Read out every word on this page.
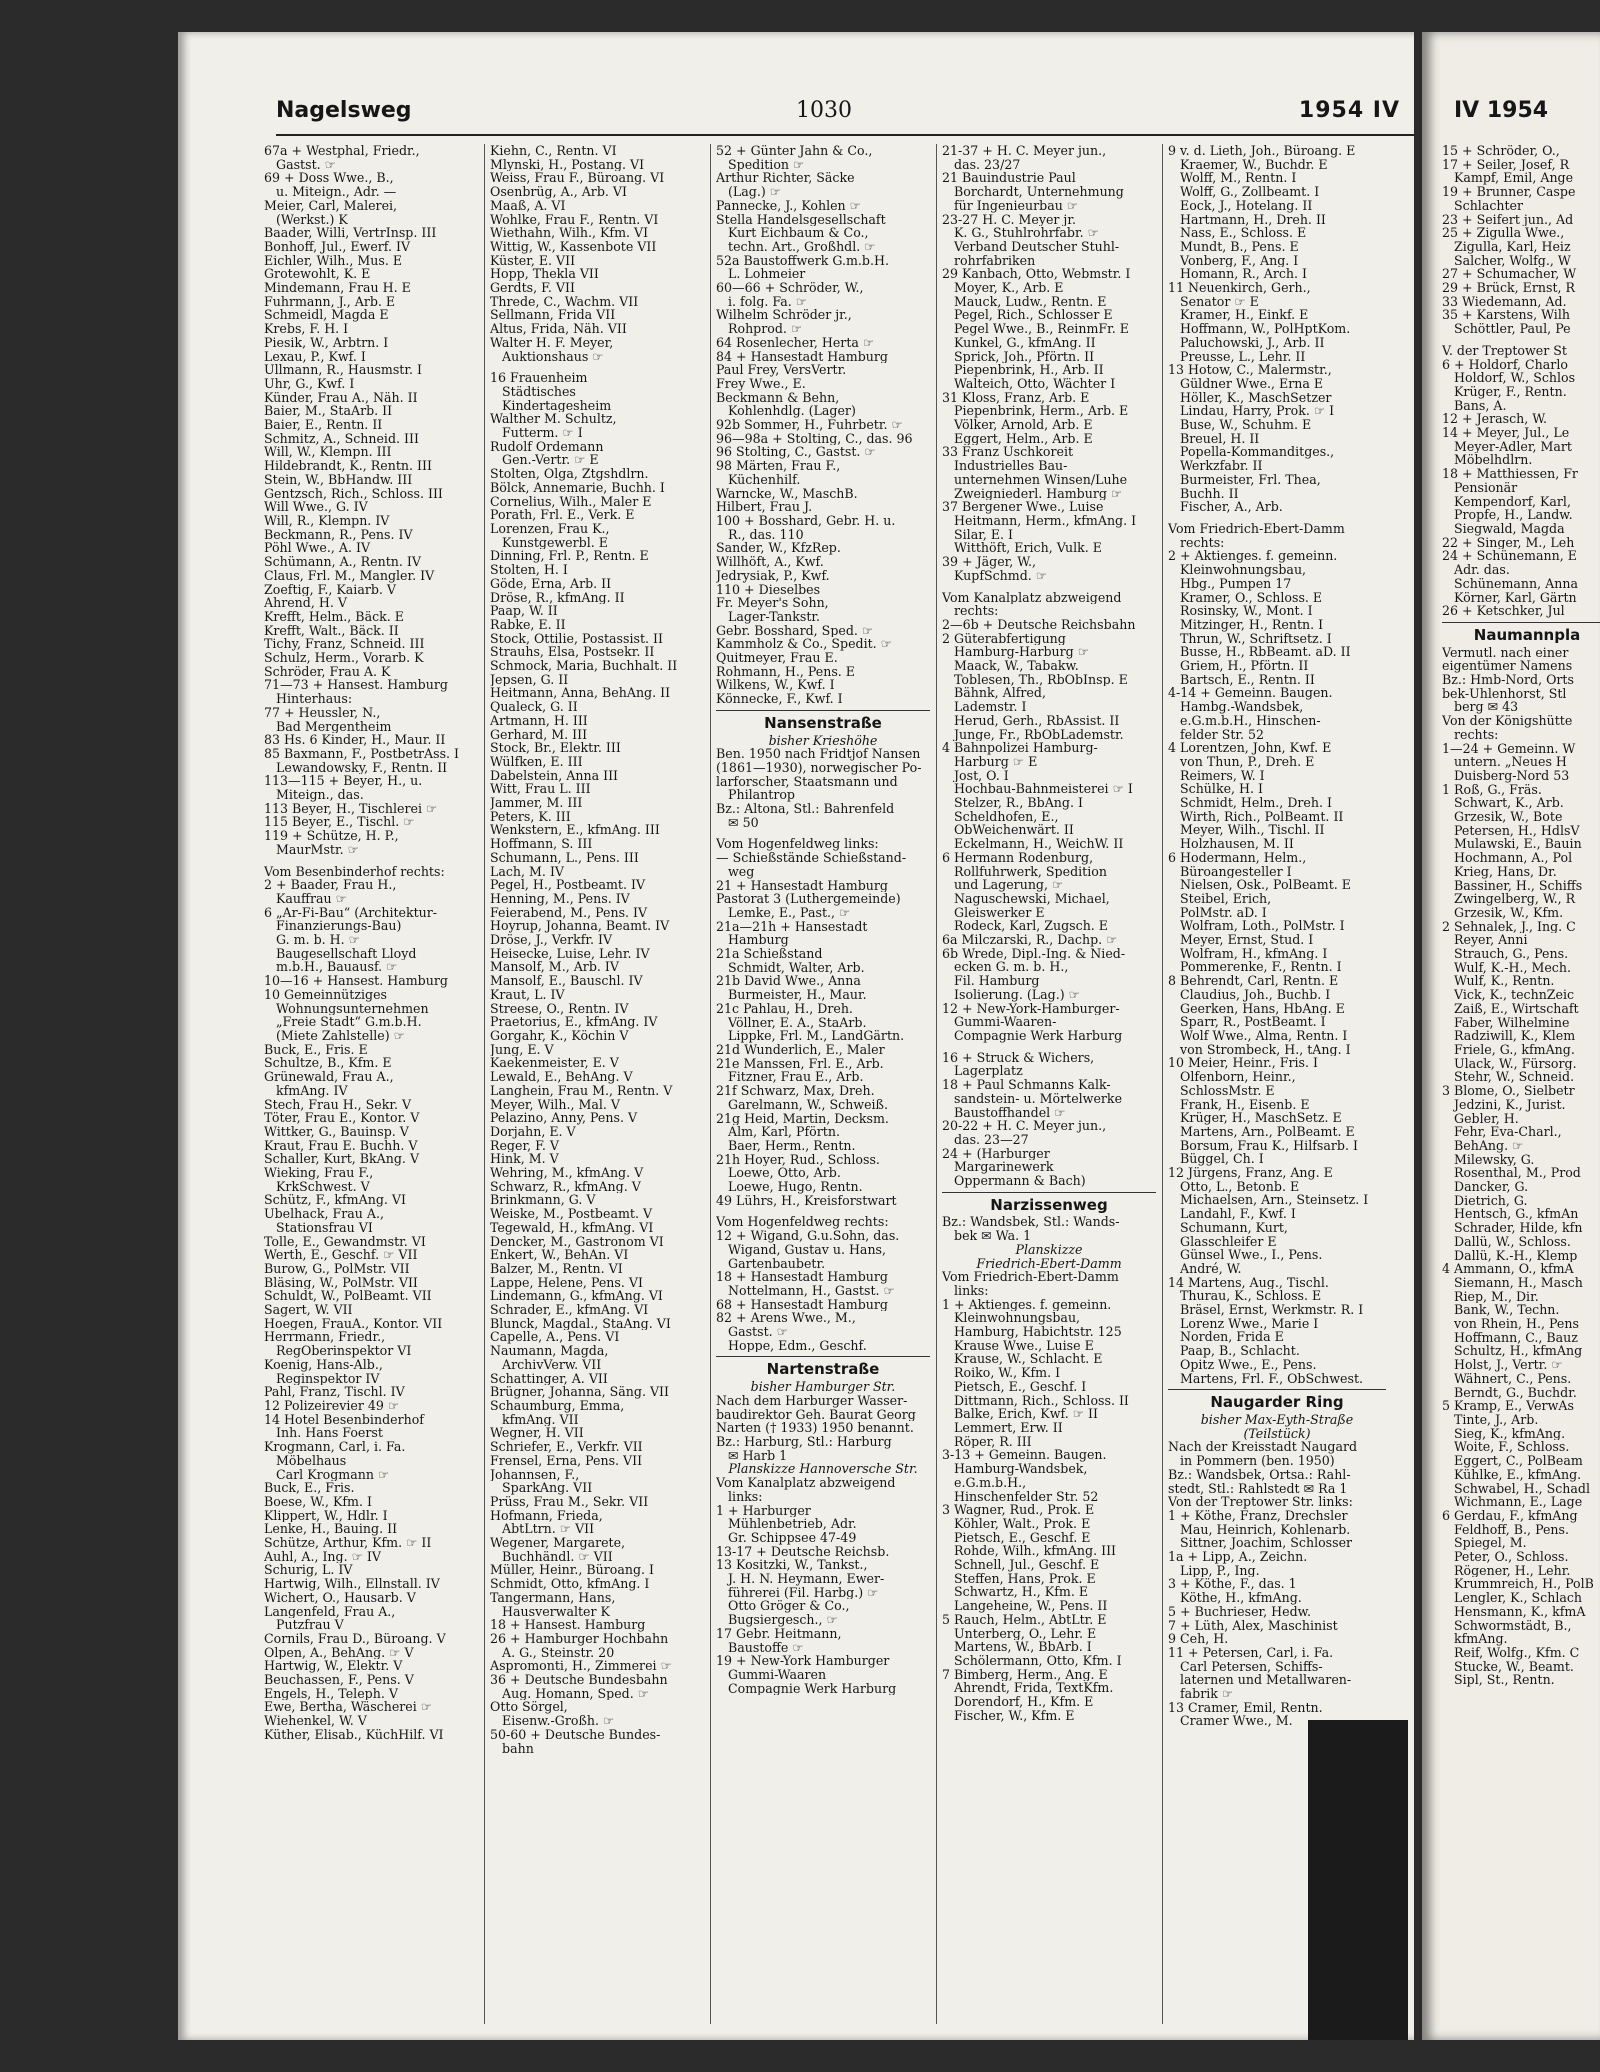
Nagelsweg	1030	1954 IV
67a + Westphal, Friedr.,
Gastst. ☞
69 + Doss Wwe., B.,
u. Miteign., Adr. —
Meier, Carl, Malerei,
(Werkst.) K
Baader, Willi, VertrInsp. III
Bonhoff, Jul., Ewerf. IV
Eichler, Wilh., Mus. E
Grotewohlt, K. E
Mindemann, Frau H. E
Fuhrmann, J., Arb. E
Schmeidl, Magda E
Krebs, F. H. I
Piesik, W., Arbtrn. I
Lexau, P., Kwf. I
Ullmann, R., Hausmstr. I
Uhr, G., Kwf. I
Künder, Frau A., Näh. II
Baier, M., StaArb. II
Baier, E., Rentn. II
Schmitz, A., Schneid. III
Will, W., Klempn. III
Hildebrandt, K., Rentn. III
Stein, W., BbHandw. III
Gentzsch, Rich., Schloss. III
Will Wwe., G. IV
Will, R., Klempn. IV
Beckmann, R., Pens. IV
Pöhl Wwe., A. IV
Schümann, A., Rentn. IV
Claus, Frl. M., Mangler. IV
Zoeftig, F., Kaiarb. V
Ahrend, H. V
Krefft, Helm., Bäck. E
Krefft, Walt., Bäck. II
Tichy, Franz, Schneid. III
Schulz, Herm., Vorarb. K
Schröder, Frau A. K
71—73 + Hansest. Hamburg
Hinterhaus:
77 + Heussler, N.,
Bad Mergentheim
83 Hs. 6 Kinder, H., Maur. II
85 Baxmann, F., PostbetrAss. I
Lewandowsky, F., Rentn. II
113—115 + Beyer, H., u.
Miteign., das.
113 Beyer, H., Tischlerei ☞
115 Beyer, E., Tischl. ☞
119 + Schütze, H. P.,
MaurMstr. ☞
Vom Besenbinderhof rechts:
2 + Baader, Frau H.,
Kauffrau ☞
6 „Ar-Fi-Bau“ (Architektur-
Finanzierungs-Bau)
G. m. b. H. ☞
Baugesellschaft Lloyd
m.b.H., Bauausf. ☞
10—16 + Hansest. Hamburg
10 Gemeinnütziges
Wohnungsunternehmen
„Freie Stadt“ G.m.b.H.
(Miete Zahlstelle) ☞
Buck, E., Fris. E
Schultze, B., Kfm. E
Grünewald, Frau A.,
kfmAng. IV
Stech, Frau H., Sekr. V
Töter, Frau E., Kontor. V
Wittker, G., Bauinsp. V
Kraut, Frau E. Buchh. V
Schaller, Kurt, BkAng. V
Wieking, Frau F.,
KrkSchwest. V
Schütz, F., kfmAng. VI
Ubelhack, Frau A.,
Stationsfrau VI
Tolle, E., Gewandmstr. VI
Werth, E., Geschf. ☞ VII
Burow, G., PolMstr. VII
Bläsing, W., PolMstr. VII
Schuldt, W., PolBeamt. VII
Sagert, W. VII
Hoegen, FrauA., Kontor. VII
Herrmann, Friedr.,
RegOberinspektor VI
Koenig, Hans-Alb.,
Reginspektor IV
Pahl, Franz, Tischl. IV
12 Polizeirevier 49 ☞
14 Hotel Besenbinderhof
Inh. Hans Foerst
Krogmann, Carl, i. Fa.
Möbelhaus
Carl Krogmann ☞
Buck, E., Fris.
Boese, W., Kfm. I
Klippert, W., Hdlr. I
Lenke, H., Bauing. II
Schütze, Arthur, Kfm. ☞ II
Auhl, A., Ing. ☞ IV
Schurig, L. IV
Hartwig, Wilh., Ellnstall. IV
Wichert, O., Hausarb. V
Langenfeld, Frau A.,
Putzfrau V
Cornils, Frau D., Büroang. V
Olpen, A., BehAng. ☞ V
Hartwig, W., Elektr. V
Beuchassen, F., Pens. V
Engels, H., Teleph. V
Ewe, Bertha, Wäscherei ☞
Wiehenkel, W. V
Küther, Elisab., KüchHilf. VI
Kiehn, C., Rentn. VI
Mlynski, H., Postang. VI
Weiss, Frau F., Büroang. VI
Osenbrüg, A., Arb. VI
Maaß, A. VI
Wohlke, Frau F., Rentn. VI
Wiethahn, Wilh., Kfm. VI
Wittig, W., Kassenbote VII
Küster, E. VII
Hopp, Thekla VII
Gerdts, F. VII
Threde, C., Wachm. VII
Sellmann, Frida VII
Altus, Frida, Näh. VII
Walter H. F. Meyer,
Auktionshaus ☞
16 Frauenheim
Städtisches
Kindertagesheim
Walther M. Schultz,
Futterm. ☞ I
Rudolf Ordemann
Gen.-Vertr. ☞ E
Stolten, Olga, Ztgshdlrn.
Bölck, Annemarie, Buchh. I
Cornelius, Wilh., Maler E
Porath, Frl. E., Verk. E
Lorenzen, Frau K.,
Kunstgewerbl. E
Dinning, Frl. P., Rentn. E
Stolten, H. I
Göde, Erna, Arb. II
Dröse, R., kfmAng. II
Paap, W. II
Rabke, E. II
Stock, Ottilie, Postassist. II
Strauhs, Elsa, Postsekr. II
Schmock, Maria, Buchhalt. II
Jepsen, G. II
Heitmann, Anna, BehAng. II
Qualeck, G. II
Artmann, H. III
Gerhard, M. III
Stock, Br., Elektr. III
Wülfken, E. III
Dabelstein, Anna III
Witt, Frau L. III
Jammer, M. III
Peters, K. III
Wenkstern, E., kfmAng. III
Hoffmann, S. III
Schumann, L., Pens. III
Lach, M. IV
Pegel, H., Postbeamt. IV
Henning, M., Pens. IV
Feierabend, M., Pens. IV
Hoyrup, Johanna, Beamt. IV
Dröse, J., Verkfr. IV
Heisecke, Luise, Lehr. IV
Mansolf, M., Arb. IV
Mansolf, E., Bauschl. IV
Kraut, L. IV
Streese, O., Rentn. IV
Praetorius, E., kfmAng. IV
Gorgahr, K., Köchin V
Jung, E. V
Kaekenmeister, E. V
Lewald, E., BehAng. V
Langhein, Frau M., Rentn. V
Meyer, Wilh., Mal. V
Pelazino, Anny, Pens. V
Dorjahn, E. V
Reger, F. V
Hink, M. V
Wehring, M., kfmAng. V
Schwarz, R., kfmAng. V
Brinkmann, G. V
Weiske, M., Postbeamt. V
Tegewald, H., kfmAng. VI
Dencker, M., Gastronom VI
Enkert, W., BehAn. VI
Balzer, M., Rentn. VI
Lappe, Helene, Pens. VI
Lindemann, G., kfmAng. VI
Schrader, E., kfmAng. VI
Blunck, Magdal., StaAng. VI
Capelle, A., Pens. VI
Naumann, Magda,
ArchivVerw. VII
Schattinger, A. VII
Brügner, Johanna, Säng. VII
Schaumburg, Emma,
kfmAng. VII
Wegner, H. VII
Schriefer, E., Verkfr. VII
Frensel, Erna, Pens. VII
Johannsen, F.,
SparkAng. VII
Prüss, Frau M., Sekr. VII
Hofmann, Frieda,
AbtLtrn. ☞ VII
Wegener, Margarete,
Buchhändl. ☞ VII
Müller, Heinr., Büroang. I
Schmidt, Otto, kfmAng. I
Tangermann, Hans,
Hausverwalter K
18 + Hansest. Hamburg
26 + Hamburger Hochbahn
A. G., Steinstr. 20
Aspromonti, H., Zimmerei ☞
36 + Deutsche Bundesbahn
Aug. Homann, Sped. ☞
Otto Sörgel,
Eisenw.-Großh. ☞
50-60 + Deutsche Bundes-
bahn
52 + Günter Jahn & Co.,
Spedition ☞
Arthur Richter, Säcke
(Lag.) ☞
Pannecke, J., Kohlen ☞
Stella Handelsgesellschaft
Kurt Eichbaum & Co.,
techn. Art., Großhdl. ☞
52a Baustoffwerk G.m.b.H.
L. Lohmeier
60—66 + Schröder, W.,
i. folg. Fa. ☞
Wilhelm Schröder jr.,
Rohprod. ☞
64 Rosenlecher, Herta ☞
84 + Hansestadt Hamburg
Paul Frey, VersVertr.
Frey Wwe., E.
Beckmann & Behn,
Kohlenhdlg. (Lager)
92b Sommer, H., Fuhrbetr. ☞
96—98a + Stolting, C., das. 96
96 Stolting, C., Gastst. ☞
98 Märten, Frau F.,
Küchenhilf.
Warncke, W., MaschB.
Hilbert, Frau J.
100 + Bosshard, Gebr. H. u.
R., das. 110
Sander, W., KfzRep.
Willhöft, A., Kwf.
Jedrysiak, P., Kwf.
110 + Dieselbes
Fr. Meyer's Sohn,
Lager-Tankstr.
Gebr. Bosshard, Sped. ☞
Kammholz & Co., Spedit. ☞
Quitmeyer, Frau E.
Rohmann, H., Pens. E
Wilkens, W., Kwf. I
Könnecke, F., Kwf. I
Nansenstraße
bisher Krieshöhe
Ben. 1950 nach Fridtjof Nansen
(1861—1930), norwegischer Po-
larforscher, Staatsmann und
Philantrop
Bz.: Altona, Stl.: Bahrenfeld
✉ 50
Vom Hogenfeldweg links:
— Schießstände Schießstand-
weg
21 + Hansestadt Hamburg
Pastorat 3 (Luthergemeinde)
Lemke, E., Past., ☞
21a—21h + Hansestadt
Hamburg
21a Schießstand
Schmidt, Walter, Arb.
21b David Wwe., Anna
Burmeister, H., Maur.
21c Pahlau, H., Dreh.
Völlner, E. A., StaArb.
Lippke, Frl. M., LandGärtn.
21d Wunderlich, E., Maler
21e Manssen, Frl. E., Arb.
Fitzner, Frau E., Arb.
21f Schwarz, Max, Dreh.
Garelmann, W., Schweiß.
21g Heid, Martin, Decksm.
Alm, Karl, Pförtn.
Baer, Herm., Rentn.
21h Hoyer, Rud., Schloss.
Loewe, Otto, Arb.
Loewe, Hugo, Rentn.
49 Lührs, H., Kreisforstwart
Vom Hogenfeldweg rechts:
12 + Wigand, G.u.Sohn, das.
Wigand, Gustav u. Hans,
Gartenbaubetr.
18 + Hansestadt Hamburg
Nottelmann, H., Gastst. ☞
68 + Hansestadt Hamburg
82 + Arens Wwe., M.,
Gastst. ☞
Hoppe, Edm., Geschf.
Nartenstraße
bisher Hamburger Str.
Nach dem Harburger Wasser-
baudirektor Geh. Baurat Georg
Narten († 1933) 1950 benannt.
Bz.: Harburg, Stl.: Harburg
✉ Harb 1
Planskizze Hannoversche Str.
Vom Kanalplatz abzweigend
links:
1 + Harburger
Mühlenbetrieb, Adr.
Gr. Schippsee 47-49
13-17 + Deutsche Reichsb.
13 Kositzki, W., Tankst.,
J. H. N. Heymann, Ewer-
führerei (Fil. Harbg.) ☞
Otto Gröger & Co.,
Bugsiergesch., ☞
17 Gebr. Heitmann,
Baustoffe ☞
19 + New-York Hamburger
Gummi-Waaren
Compagnie Werk Harburg
21-37 + H. C. Meyer jun.,
das. 23/27
21 Bauindustrie Paul
Borchardt, Unternehmung
für Ingenieurbau ☞
23-27 H. C. Meyer jr.
K. G., Stuhlrohrfabr. ☞
Verband Deutscher Stuhl-
rohrfabriken
29 Kanbach, Otto, Webmstr. I
Moyer, K., Arb. E
Mauck, Ludw., Rentn. E
Pegel, Rich., Schlosser E
Pegel Wwe., B., ReinmFr. E
Kunkel, G., kfmAng. II
Sprick, Joh., Pförtn. II
Piepenbrink, H., Arb. II
Walteich, Otto, Wächter I
31 Kloss, Franz, Arb. E
Piepenbrink, Herm., Arb. E
Völker, Arnold, Arb. E
Eggert, Helm., Arb. E
33 Franz Uschkoreit
Industrielles Bau-
unternehmen Winsen/Luhe
Zweigniederl. Hamburg ☞
37 Bergener Wwe., Luise
Heitmann, Herm., kfmAng. I
Silar, E. I
Witthöft, Erich, Vulk. E
39 + Jäger, W.,
KupfSchmd. ☞
Vom Kanalplatz abzweigend
rechts:
2—6b + Deutsche Reichsbahn
2 Güterabfertigung
Hamburg-Harburg ☞
Maack, W., Tabakw.
Toblesen, Th., RbObInsp. E
Bähnk, Alfred,
Lademstr. I
Herud, Gerh., RbAssist. II
Junge, Fr., RbObLademstr.
4 Bahnpolizei Hamburg-
Harburg ☞ E
Jost, O. I
Hochbau-Bahnmeisterei ☞ I
Stelzer, R., BbAng. I
Scheldhofen, E.,
ObWeichenwärt. II
Eckelmann, H., WeichW. II
6 Hermann Rodenburg,
Rollfuhrwerk, Spedition
und Lagerung, ☞
Naguschewski, Michael,
Gleiswerker E
Rodeck, Karl, Zugsch. E
6a Milczarski, R., Dachp. ☞
6b Wrede, Dipl.-Ing. & Nied-
ecken G. m. b. H.,
Fil. Hamburg
Isolierung. (Lag.) ☞
12 + New-York-Hamburger-
Gummi-Waaren-
Compagnie Werk Harburg
16 + Struck & Wichers,
Lagerplatz
18 + Paul Schmanns Kalk-
sandstein- u. Mörtelwerke
Baustoffhandel ☞
20-22 + H. C. Meyer jun.,
das. 23—27
24 + (Harburger
Margarinewerk
Oppermann & Bach)
Narzissenweg
Bz.: Wandsbek, Stl.: Wands-
bek ✉ Wa. 1
Planskizze
Friedrich-Ebert-Damm
Vom Friedrich-Ebert-Damm
links:
1 + Aktienges. f. gemeinn.
Kleinwohnungsbau,
Hamburg, Habichtstr. 125
Krause Wwe., Luise E
Krause, W., Schlacht. E
Roiko, W., Kfm. I
Pietsch, E., Geschf. I
Dittmann, Rich., Schloss. II
Balke, Erich, Kwf. ☞ II
Lemmert, Erw. II
Röper, R. III
3-13 + Gemeinn. Baugen.
Hamburg-Wandsbek,
e.G.m.b.H.,
Hinschenfelder Str. 52
3 Wagner, Rud., Prok. E
Köhler, Walt., Prok. E
Pietsch, E., Geschf. E
Rohde, Wilh., kfmAng. III
Schnell, Jul., Geschf. E
Steffen, Hans, Prok. E
Schwartz, H., Kfm. E
Langeheine, W., Pens. II
5 Rauch, Helm., AbtLtr. E
Unterberg, O., Lehr. E
Martens, W., BbArb. I
Schölermann, Otto, Kfm. I
7 Bimberg, Herm., Ang. E
Ahrendt, Frida, TextKfm.
Dorendorf, H., Kfm. E
Fischer, W., Kfm. E
9 v. d. Lieth, Joh., Büroang. E
Kraemer, W., Buchdr. E
Wolff, M., Rentn. I
Wolff, G., Zollbeamt. I
Eock, J., Hotelang. II
Hartmann, H., Dreh. II
Nass, E., Schloss. E
Mundt, B., Pens. E
Vonberg, F., Ang. I
Homann, R., Arch. I
11 Neuenkirch, Gerh.,
Senator ☞ E
Kramer, H., Einkf. E
Hoffmann, W., PolHptKom.
Paluchowski, J., Arb. II
Preusse, L., Lehr. II
13 Hotow, C., Malermstr.,
Güldner Wwe., Erna E
Höller, K., MaschSetzer
Lindau, Harry, Prok. ☞ I
Buse, W., Schuhm. E
Breuel, H. II
Popella-Kommanditges.,
Werkzfabr. II
Burmeister, Frl. Thea,
Buchh. II
Fischer, A., Arb.
Vom Friedrich-Ebert-Damm
rechts:
2 + Aktienges. f. gemeinn.
Kleinwohnungsbau,
Hbg., Pumpen 17
Kramer, O., Schloss. E
Rosinsky, W., Mont. I
Mitzinger, H., Rentn. I
Thrun, W., Schriftsetz. I
Busse, H., RbBeamt. aD. II
Griem, H., Pförtn. II
Bartsch, E., Rentn. II
4-14 + Gemeinn. Baugen.
Hambg.-Wandsbek,
e.G.m.b.H., Hinschen-
felder Str. 52
4 Lorentzen, John, Kwf. E
von Thun, P., Dreh. E
Reimers, W. I
Schülke, H. I
Schmidt, Helm., Dreh. I
Wirth, Rich., PolBeamt. II
Meyer, Wilh., Tischl. II
Holzhausen, M. II
6 Hodermann, Helm.,
Büroangesteller I
Nielsen, Osk., PolBeamt. E
Steibel, Erich,
PolMstr. aD. I
Wolfram, Loth., PolMstr. I
Meyer, Ernst, Stud. I
Wolfram, H., kfmAng. I
Pommerenke, F., Rentn. I
8 Behrendt, Carl, Rentn. E
Claudius, Joh., Buchb. I
Geerken, Hans, HbAng. E
Sparr, R., PostBeamt. I
Wolf Wwe., Alma, Rentn. I
von Strombeck, H., tAng. I
10 Meier, Heinr., Fris. I
Olfenborn, Heinr.,
SchlossMstr. E
Frank, H., Eisenb. E
Krüger, H., MaschSetz. E
Martens, Arn., PolBeamt. E
Borsum, Frau K., Hilfsarb. I
Büggel, Ch. I
12 Jürgens, Franz, Ang. E
Otto, L., Betonb. E
Michaelsen, Arn., Steinsetz. I
Landahl, F., Kwf. I
Schumann, Kurt,
Glasschleifer E
Günsel Wwe., I., Pens.
André, W.
14 Martens, Aug., Tischl.
Thurau, K., Schloss. E
Bräsel, Ernst, Werkmstr. R. I
Lorenz Wwe., Marie I
Norden, Frida E
Paap, B., Schlacht.
Opitz Wwe., E., Pens.
Martens, Frl. F., ObSchwest.
Naugarder Ring
bisher Max-Eyth-Straße
(Teilstück)
Nach der Kreisstadt Naugard
in Pommern (ben. 1950)
Bz.: Wandsbek, Ortsa.: Rahl-
stedt, Stl.: Rahlstedt ✉ Ra 1
Von der Treptower Str. links:
1 + Köthe, Franz, Drechsler
Mau, Heinrich, Kohlenarb.
Sittner, Joachim, Schlosser
1a + Lipp, A., Zeichn.
Lipp, P., Ing.
3 + Köthe, F., das. 1
Köthe, H., kfmAng.
5 + Buchrieser, Hedw.
7 + Lüth, Alex, Maschinist
9 Ceh, H.
11 + Petersen, Carl, i. Fa.
Carl Petersen, Schiffs-
laternen und Metallwaren-
fabrik ☞
13 Cramer, Emil, Rentn.
Cramer Wwe., M.
IV 1954
15 + Schröder, O.,
17 + Seiler, Josef, R
Kampf, Emil, Ange
19 + Brunner, Caspe
Schlachter
23 + Seifert jun., Ad
25 + Zigulla Wwe.,
Zigulla, Karl, Heiz
Salcher, Wolfg., W
27 + Schumacher, W
29 + Brück, Ernst, R
33 Wiedemann, Ad.
35 + Karstens, Wilh
Schöttler, Paul, Pe
V. der Treptower St
6 + Holdorf, Charlo
Holdorf, W., Schlos
Krüger, F., Rentn.
Bans, A.
12 + Jerasch, W.
14 + Meyer, Jul., Le
Meyer-Adler, Mart
Möbelhdlrn.
18 + Matthiessen, Fr
Pensionär
Kempendorf, Karl,
Propfe, H., Landw.
Siegwald, Magda
22 + Singer, M., Leh
24 + Schünemann, E
Adr. das.
Schünemann, Anna
Körner, Karl, Gärtn
26 + Ketschker, Jul
Naumannpla
Vermutl. nach einer
eigentümer Namens
Bz.: Hmb-Nord, Orts
bek-Uhlenhorst, Stl
berg ✉ 43
Von der Königshütte
rechts:
1—24 + Gemeinn. W
untern. „Neues H
Duisberg-Nord 53
1 Roß, G., Fräs.
Schwart, K., Arb.
Grzesik, W., Bote
Petersen, H., HdlsV
Mulawski, E., Bauin
Hochmann, A., Pol
Krieg, Hans, Dr.
Bassiner, H., Schiffs
Zwingelberg, W., R
Grzesik, W., Kfm.
2 Sehnalek, J., Ing. C
Reyer, Anni
Strauch, G., Pens.
Wulf, K.-H., Mech.
Wulf, K., Rentn.
Vick, K., technZeic
Zaiß, E., Wirtschaft
Faber, Wilhelmine
Radziwill, K., Klem
Friele, G., kfmAng.
Ulack, W., Fürsorg.
Stehr, W., Schneid.
3 Blome, O., Sielbetr
Jedzini, K., Jurist.
Gebler, H.
Fehr, Eva-Charl.,
BehAng. ☞
Milewsky, G.
Rosenthal, M., Prod
Dancker, G.
Dietrich, G.
Hentsch, G., kfmAn
Schrader, Hilde, kfn
Dallü, W., Schloss.
Dallü, K.-H., Klemp
4 Ammann, O., kfmA
Siemann, H., Masch
Riep, M., Dir.
Bank, W., Techn.
von Rhein, H., Pens
Hoffmann, C., Bauz
Schultz, H., kfmAng
Holst, J., Vertr. ☞
Wähnert, C., Pens.
Berndt, G., Buchdr.
5 Kramp, E., VerwAs
Tinte, J., Arb.
Sieg, K., kfmAng.
Woite, F., Schloss.
Eggert, C., PolBeam
Kühlke, E., kfmAng.
Schwabel, H., Schadl
Wichmann, E., Lage
6 Gerdau, F., kfmAng
Feldhoff, B., Pens.
Spiegel, M.
Peter, O., Schloss.
Rögener, H., Lehr.
Krummreich, H., PolB
Lengler, K., Schlach
Hensmann, K., kfmA
Schwormstädt, B.,
kfmAng.
Reif, Wolfg., Kfm. C
Stucke, W., Beamt.
Sipl, St., Rentn.
